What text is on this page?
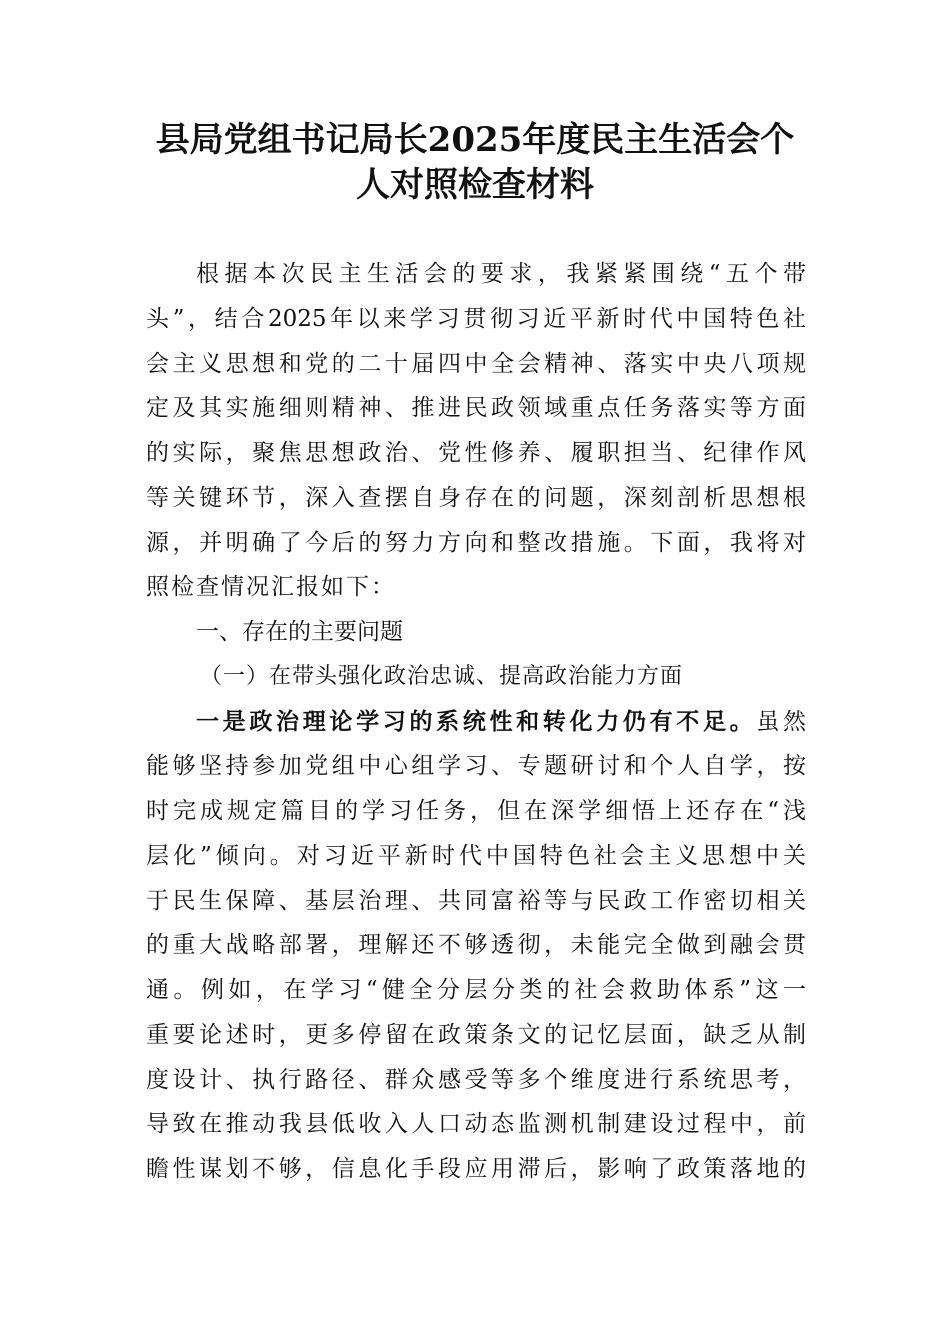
县局党组书记局长2025年度民主生活会个
人对照检查材料
根据本次民主生活会的要求，我紧紧围绕“五个带
头”，结合2025年以来学习贯彻习近平新时代中国特色社
会主义思想和党的二十届四中全会精神、落实中央八项规
定及其实施细则精神、推进民政领域重点任务落实等方面
的实际，聚焦思想政治、党性修养、履职担当、纪律作风
等关键环节，深入查摆自身存在的问题，深刻剖析思想根
源，并明确了今后的努力方向和整改措施。下面，我将对
照检查情况汇报如下：
一、存在的主要问题
（一）在带头强化政治忠诚、提高政治能力方面
一是政治理论学习的系统性和转化力仍有不足。虽然
能够坚持参加党组中心组学习、专题研讨和个人自学，按
时完成规定篇目的学习任务，但在深学细悟上还存在“浅
层化”倾向。对习近平新时代中国特色社会主义思想中关
于民生保障、基层治理、共同富裕等与民政工作密切相关
的重大战略部署，理解还不够透彻，未能完全做到融会贯
通。例如，在学习“健全分层分类的社会救助体系”这一
重要论述时，更多停留在政策条文的记忆层面，缺乏从制
度设计、执行路径、群众感受等多个维度进行系统思考，
导致在推动我县低收入人口动态监测机制建设过程中，前
瞻性谋划不够，信息化手段应用滞后，影响了政策落地的
